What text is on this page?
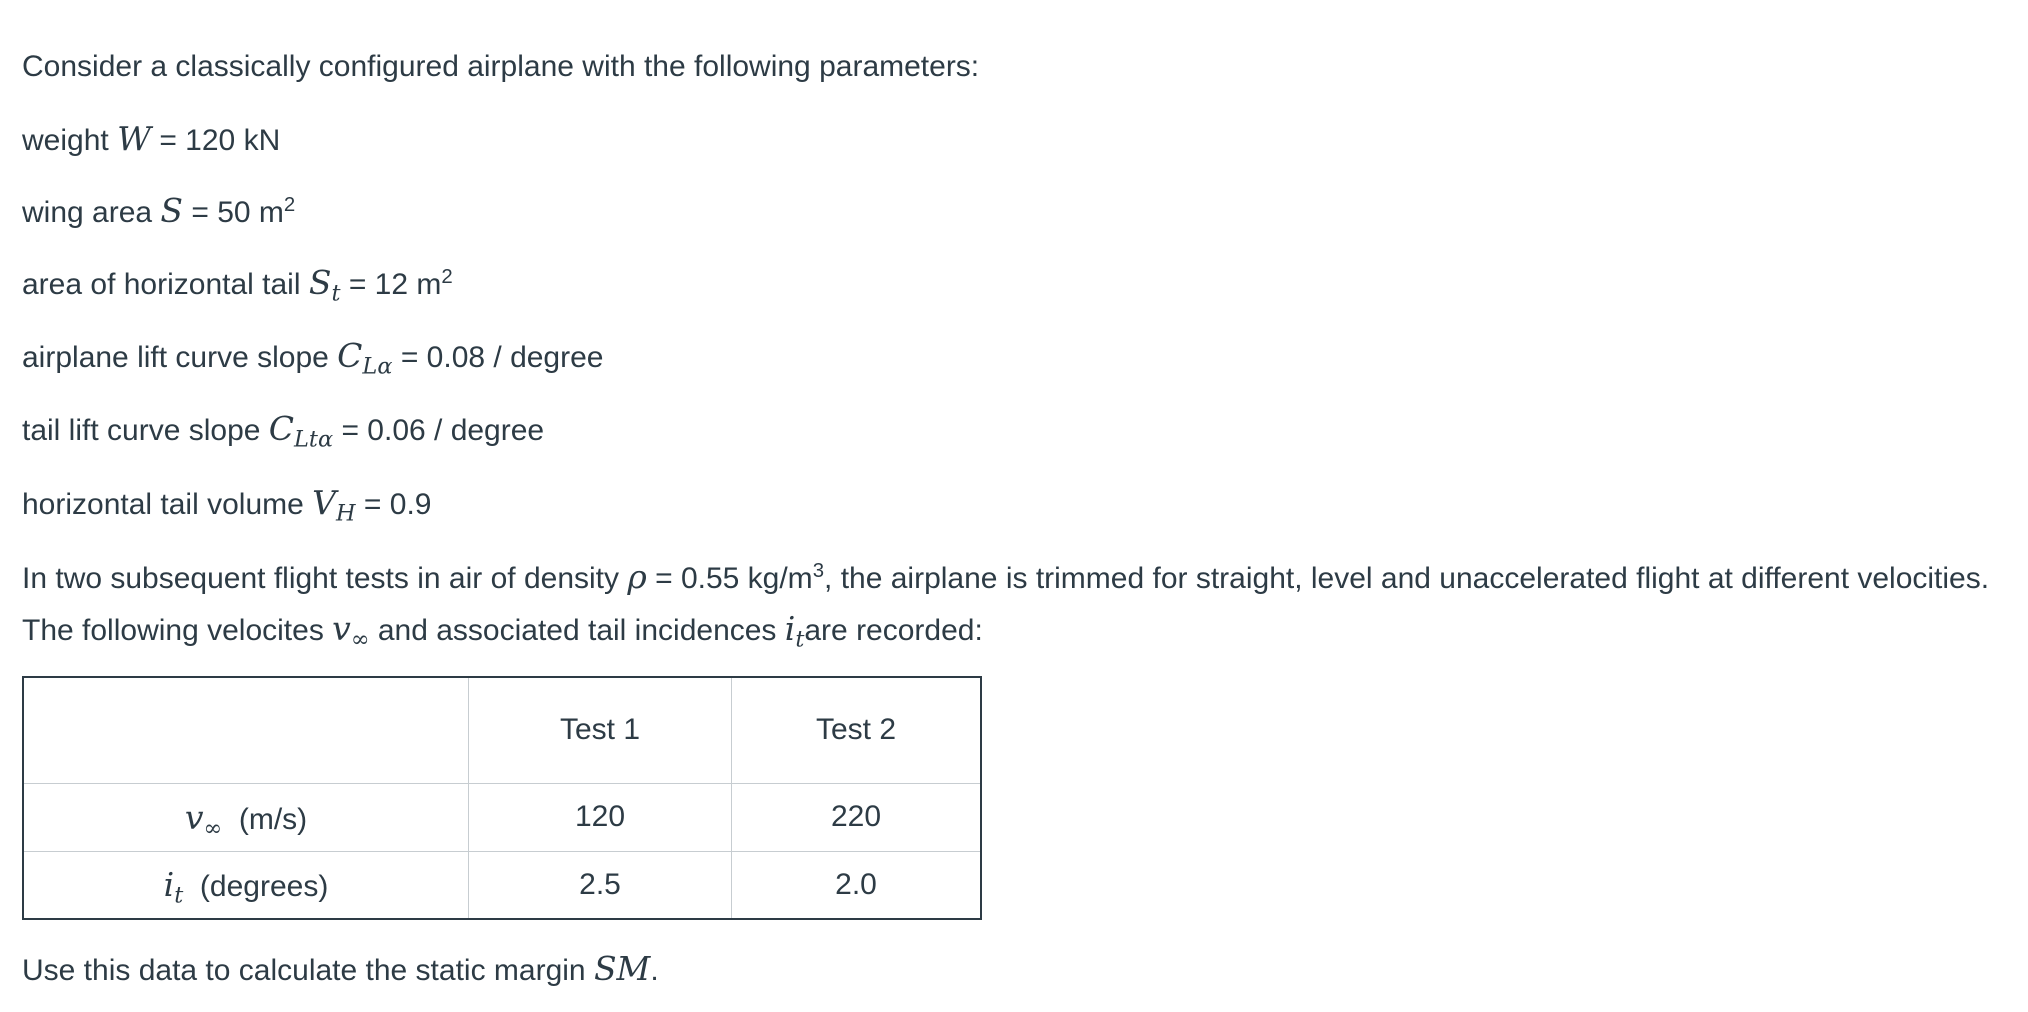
Consider a classically configured airplane with the following parameters:

weight W = 120 kN

wing area S = 50 $m^2$

area of horizontal tail $S_t = 12$ $m^2$

airplane lift curve slope $C_{L\alpha} = 0.08$ / degree

tail lift curve slope $C_{Lt\alpha} = 0.06$ / degree

horizontal tail volume $V_H = 0.9$

In two subsequent flight tests in air of density ρ = 0.55 $kg/m^3$, the airplane is trimmed for straight, level and unaccelerated flight at different velocities. The following velocites $v_\infty$ and associated tail incidences $i_tare$ recorded:

	Test 1	Test 2
$v_\infty$  (m/s)	120	220
$i_t$  (degrees)	2.5	2.0

Use this data to calculate the static margin SM.
